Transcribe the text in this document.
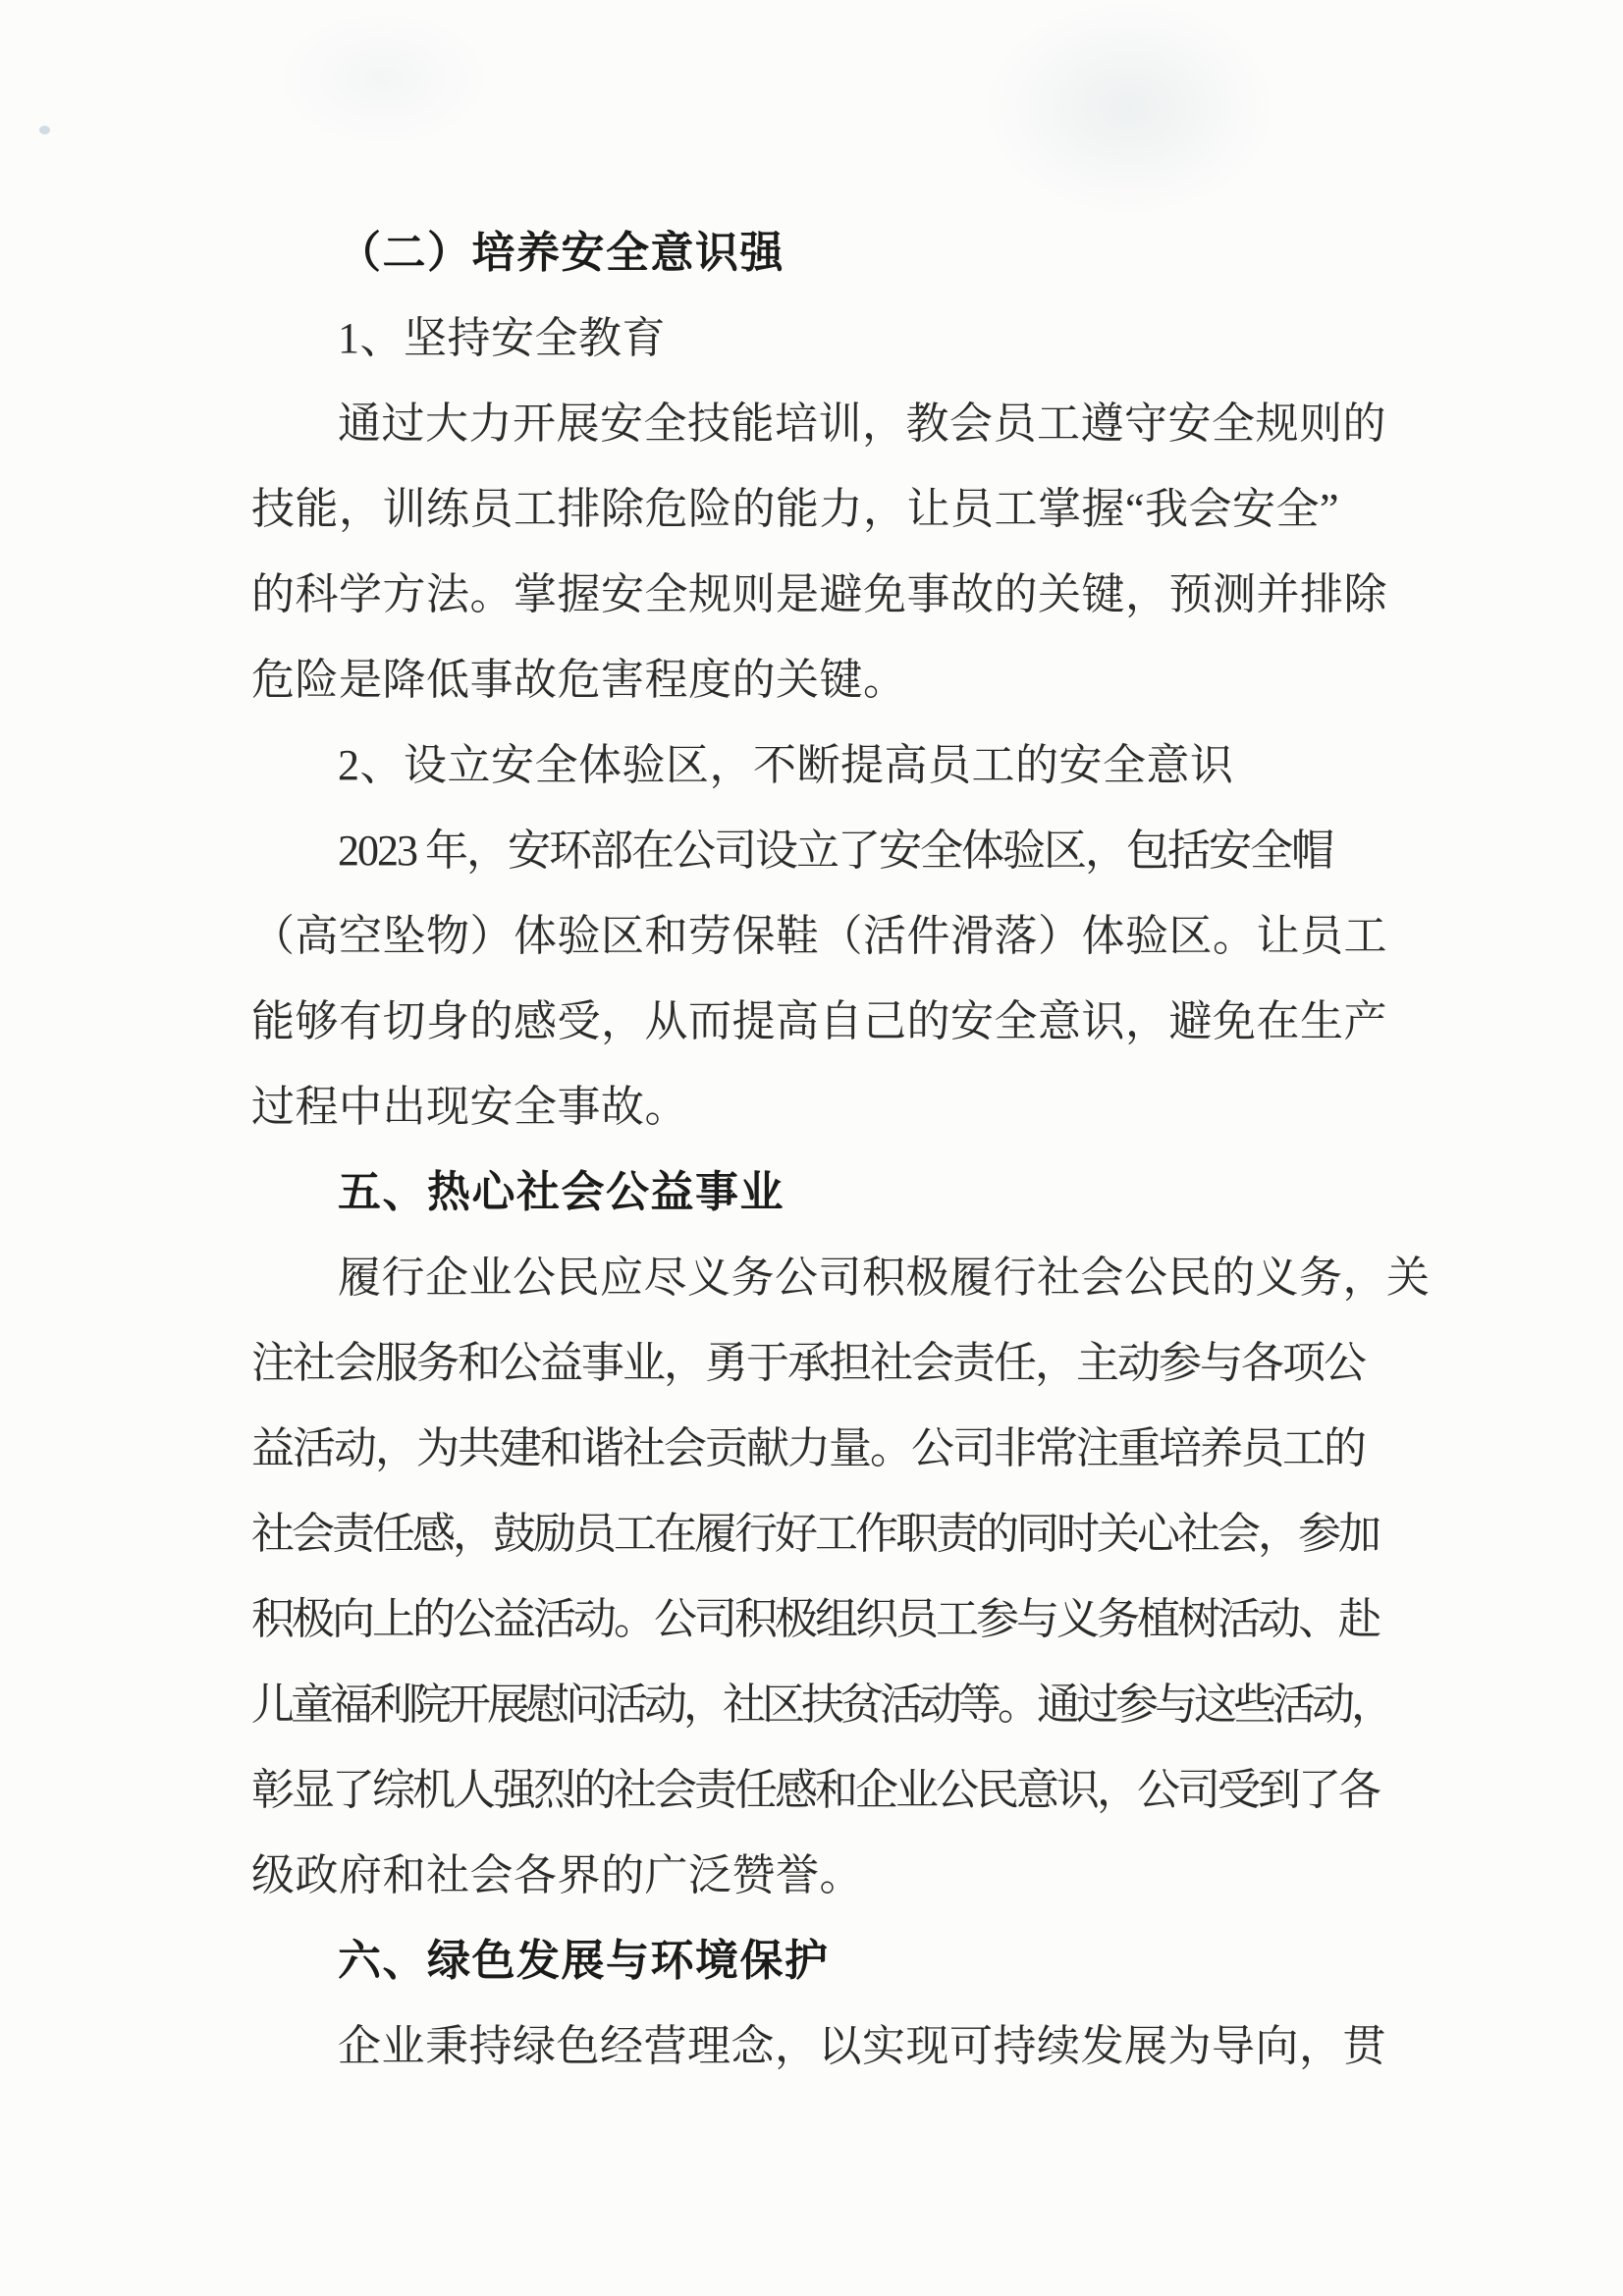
（二）培养安全意识强
1、坚持安全教育
通过大力开展安全技能培训，教会员工遵守安全规则的
技能，训练员工排除危险的能力，让员工掌握“我会安全”
的科学方法。掌握安全规则是避免事故的关键，预测并排除
危险是降低事故危害程度的关键。
2、设立安全体验区，不断提高员工的安全意识
2023 年，安环部在公司设立了安全体验区，包括安全帽
（高空坠物）体验区和劳保鞋（活件滑落）体验区。让员工
能够有切身的感受，从而提高自己的安全意识，避免在生产
过程中出现安全事故。
五、热心社会公益事业
履行企业公民应尽义务公司积极履行社会公民的义务，关
注社会服务和公益事业，勇于承担社会责任，主动参与各项公
益活动，为共建和谐社会贡献力量。公司非常注重培养员工的
社会责任感，鼓励员工在履行好工作职责的同时关心社会，参加
积极向上的公益活动。公司积极组织员工参与义务植树活动、赴
儿童福利院开展慰问活动，社区扶贫活动等。通过参与这些活动，
彰显了综机人强烈的社会责任感和企业公民意识，公司受到了各
级政府和社会各界的广泛赞誉。
六、绿色发展与环境保护
企业秉持绿色经营理念，以实现可持续发展为导向，贯
